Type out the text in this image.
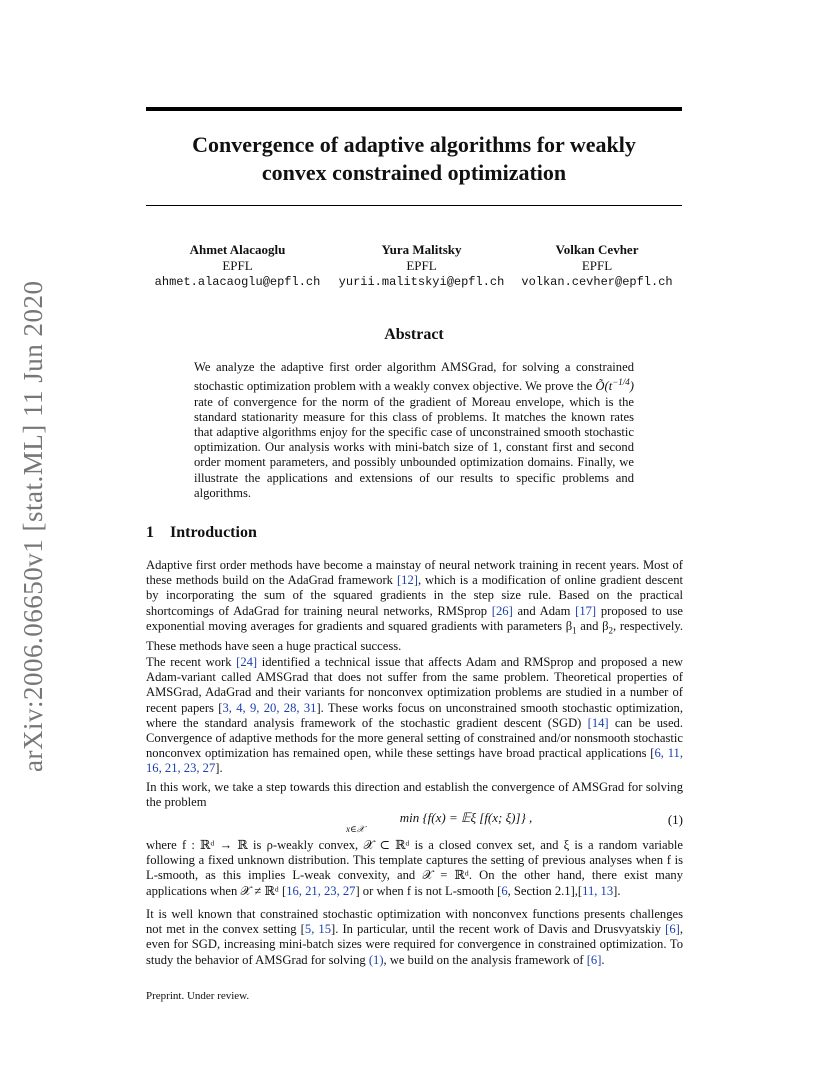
arXiv:2006.06650v1 [stat.ML] 11 Jun 2020
Convergence of adaptive algorithms for weakly
convex constrained optimization
Ahmet Alacaoglu
EPFL
ahmet.alacaoglu@epfl.ch
Yura Malitsky
EPFL
yurii.malitskyi@epfl.ch
Volkan Cevher
EPFL
volkan.cevher@epfl.ch
Abstract
We analyze the adaptive first order algorithm AMSGrad, for solving a constrained stochastic optimization problem with a weakly convex objective. We prove the $Õ(t^{-1/4})$ rate of convergence for the norm of the gradient of Moreau envelope, which is the standard stationarity measure for this class of problems. It matches the known rates that adaptive algorithms enjoy for the specific case of unconstrained smooth stochastic optimization. Our analysis works with mini-batch size of 1, constant first and second order moment parameters, and possibly unbounded optimization domains. Finally, we illustrate the applications and extensions of our results to specific problems and algorithms.
1 Introduction
Adaptive first order methods have become a mainstay of neural network training in recent years. Most of these methods build on the AdaGrad framework [12], which is a modification of online gradient descent by incorporating the sum of the squared gradients in the step size rule. Based on the practical shortcomings of AdaGrad for training neural networks, RMSprop [26] and Adam [17] proposed to use exponential moving averages for gradients and squared gradients with parameters $\beta_1$ and $\beta_2$, respectively. These methods have seen a huge practical success.
The recent work [24] identified a technical issue that affects Adam and RMSprop and proposed a new Adam-variant called AMSGrad that does not suffer from the same problem. Theoretical properties of AMSGrad, AdaGrad and their variants for nonconvex optimization problems are studied in a number of recent papers [3, 4, 9, 20, 28, 31]. These works focus on unconstrained smooth stochastic optimization, where the standard analysis framework of the stochastic gradient descent (SGD) [14] can be used. Convergence of adaptive methods for the more general setting of constrained and/or nonsmooth stochastic nonconvex optimization has remained open, while these settings have broad practical applications [6, 11, 16, 21, 23, 27].
In this work, we take a step towards this direction and establish the convergence of AMSGrad for solving the problem
min {f(x) = 𝔼ξ [f(x; ξ)]} ,
x∈𝒳
(1)
where f : ℝᵈ → ℝ is ρ-weakly convex, 𝒳 ⊂ ℝᵈ is a closed convex set, and ξ is a random variable following a fixed unknown distribution. This template captures the setting of previous analyses when f is L-smooth, as this implies L-weak convexity, and 𝒳 = ℝᵈ. On the other hand, there exist many applications when 𝒳 ≠ ℝᵈ [16, 21, 23, 27] or when f is not L-smooth [6, Section 2.1],[11, 13].
It is well known that constrained stochastic optimization with nonconvex functions presents challenges not met in the convex setting [5, 15]. In particular, until the recent work of Davis and Drusvyatskiy [6], even for SGD, increasing mini-batch sizes were required for convergence in constrained optimization. To study the behavior of AMSGrad for solving (1), we build on the analysis framework of [6].
Preprint. Under review.
